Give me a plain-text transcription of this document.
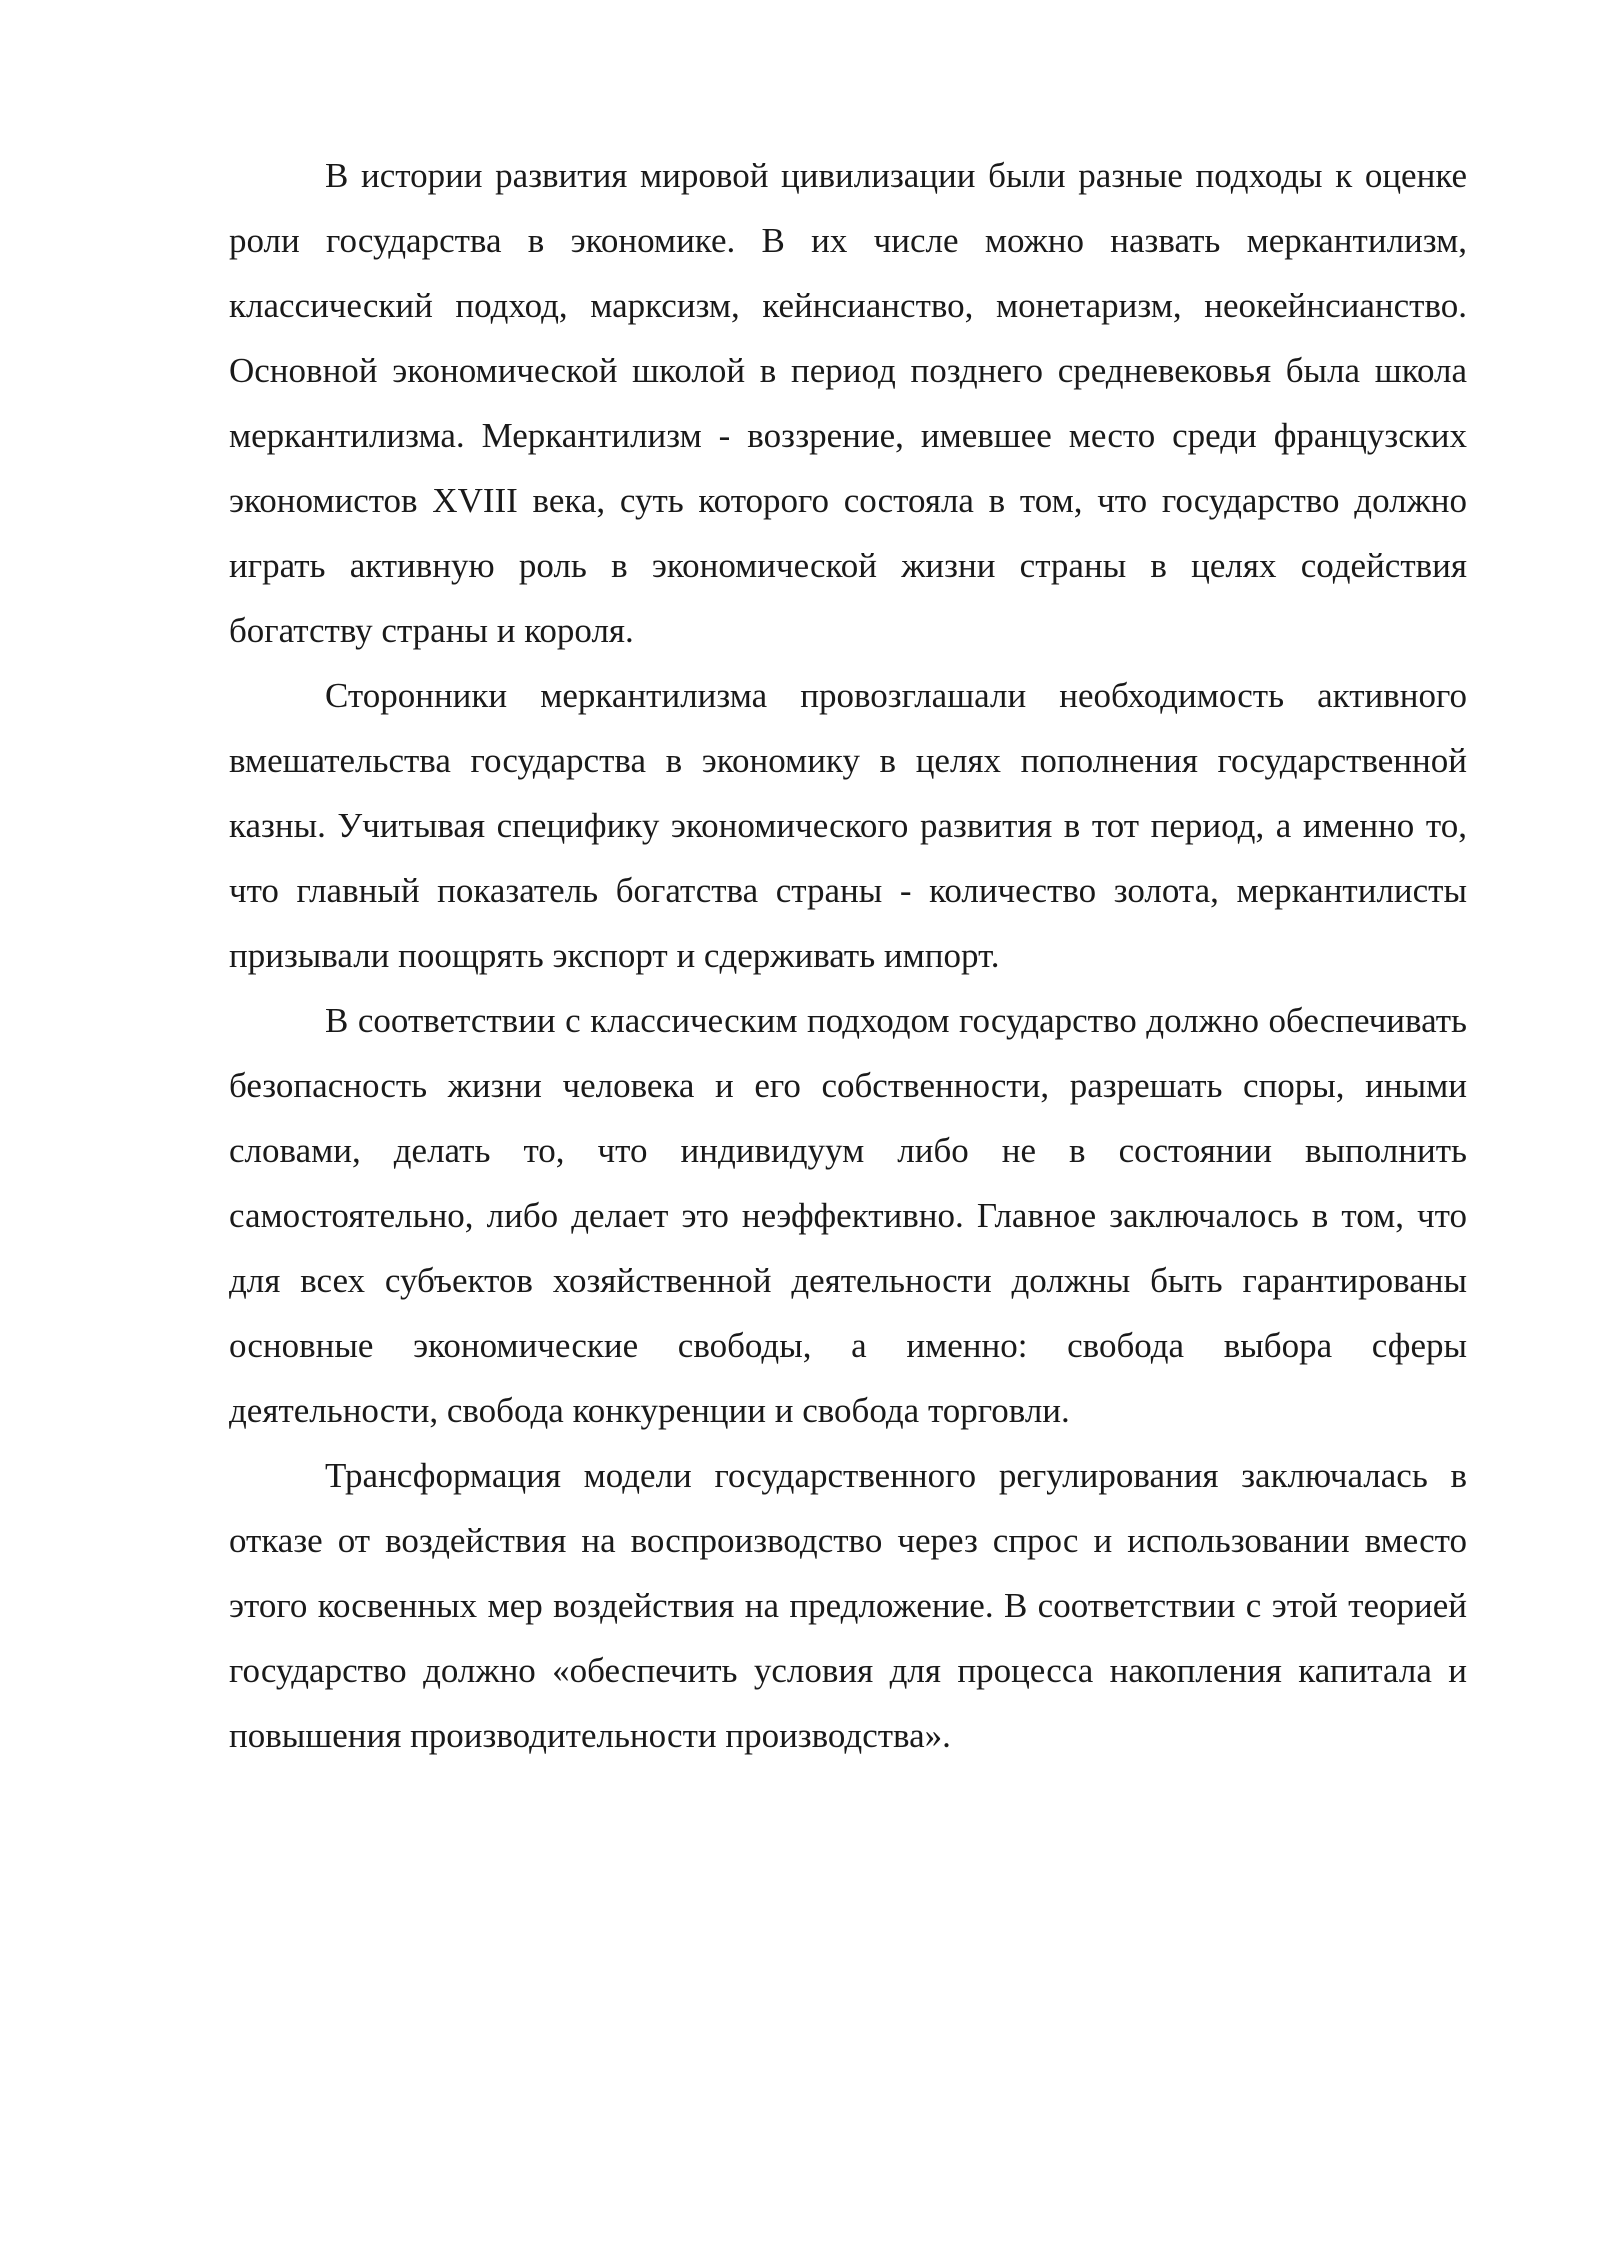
В истории развития мировой цивилизации были разные подходы к оценке роли государства в экономике. В их числе можно назвать меркантилизм, классический подход, марксизм, кейнсианство, монетаризм, неокейнсианство. Основной экономической школой в период позднего средневековья была школа меркантилизма. Меркантилизм - воззрение, имевшее место среди французских экономистов XVIII века, суть которого состояла в том, что государство должно играть активную роль в экономической жизни страны в целях содействия богатству страны и короля.

Сторонники меркантилизма провозглашали необходимость активного вмешательства государства в экономику в целях пополнения государственной казны. Учитывая специфику экономического развития в тот период, а именно то, что главный показатель богатства страны - количество золота, меркантилисты призывали поощрять экспорт и сдерживать импорт.

В соответствии с классическим подходом государство должно обеспечивать безопасность жизни человека и его собственности, разрешать споры, иными словами, делать то, что индивидуум либо не в состоянии выполнить самостоятельно, либо делает это неэффективно. Главное заключалось в том, что для всех субъектов хозяйственной деятельности должны быть гарантированы основные экономические свободы, а именно: свобода выбора сферы деятельности, свобода конкуренции и свобода торговли.

Трансформация модели государственного регулирования заключалась в отказе от воздействия на воспроизводство через спрос и использовании вместо этого косвенных мер воздействия на предложение. В соответствии с этой теорией государство должно «обеспечить условия для процесса накопления капитала и повышения производительности производства».
